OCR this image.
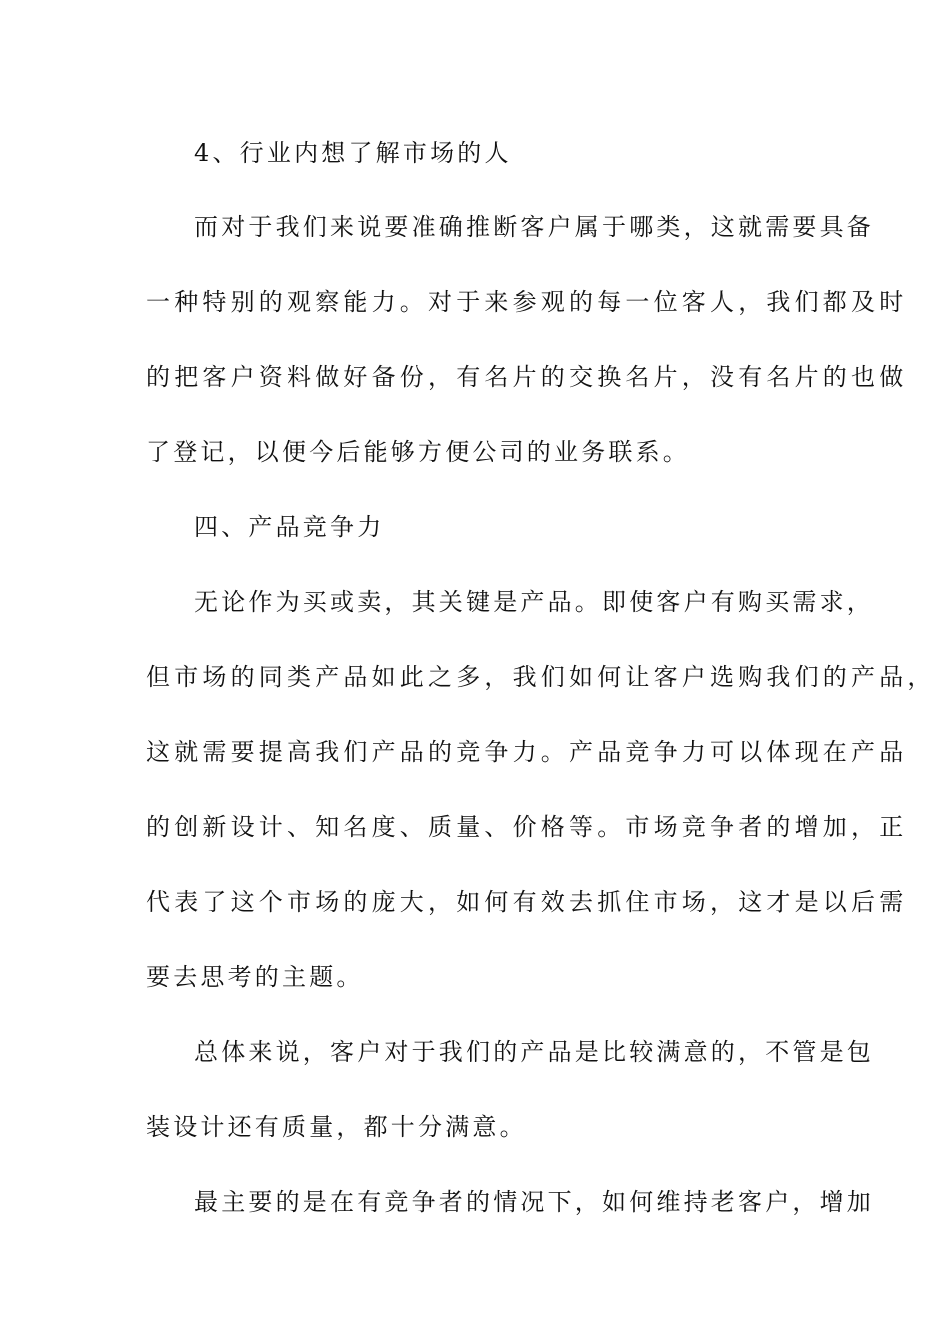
4、行业内想了解市场的人
而对于我们来说要准确推断客户属于哪类，这就需要具备
一种特别的观察能力。对于来参观的每一位客人，我们都及时
的把客户资料做好备份，有名片的交换名片，没有名片的也做
了登记，以便今后能够方便公司的业务联系。
四、产品竞争力
无论作为买或卖，其关键是产品。即使客户有购买需求，
但市场的同类产品如此之多，我们如何让客户选购我们的产品，
这就需要提高我们产品的竞争力。产品竞争力可以体现在产品
的创新设计、知名度、质量、价格等。市场竞争者的增加，正
代表了这个市场的庞大，如何有效去抓住市场，这才是以后需
要去思考的主题。
总体来说，客户对于我们的产品是比较满意的，不管是包
装设计还有质量，都十分满意。
最主要的是在有竞争者的情况下，如何维持老客户，增加
